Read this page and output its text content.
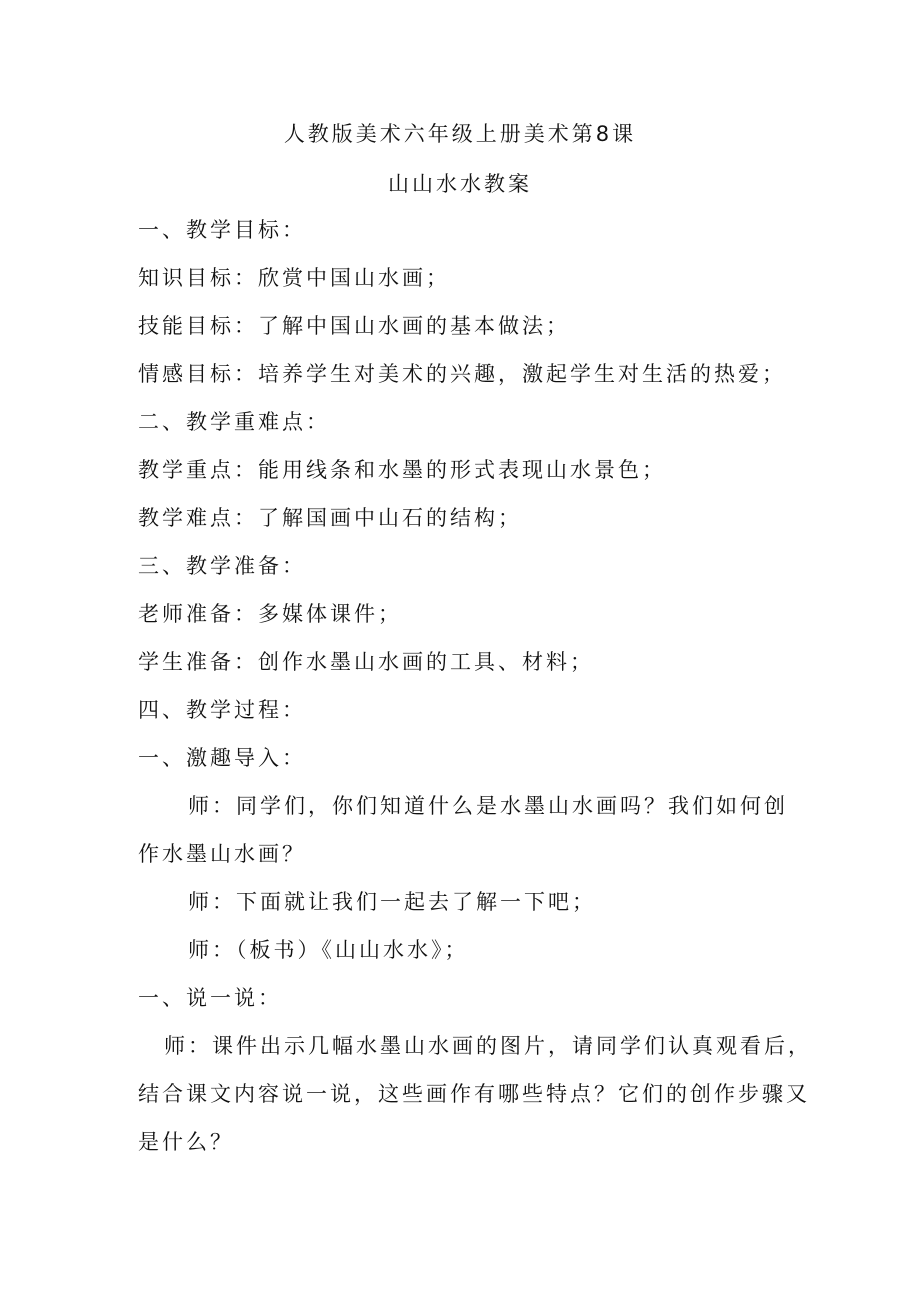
人教版美术六年级上册美术第8课
山山水水教案
一、教学目标：
知识目标：欣赏中国山水画；
技能目标：了解中国山水画的基本做法；
情感目标：培养学生对美术的兴趣，激起学生对生活的热爱；
二、教学重难点：
教学重点：能用线条和水墨的形式表现山水景色；
教学难点：了解国画中山石的结构；
三、教学准备：
老师准备：多媒体课件；
学生准备：创作水墨山水画的工具、材料；
四、教学过程：
一、激趣导入：
师：同学们，你们知道什么是水墨山水画吗？我们如何创
作水墨山水画？
师：下面就让我们一起去了解一下吧；
师：（板书）《山山水水》；
一、说一说：
师：课件出示几幅水墨山水画的图片，请同学们认真观看后，
结合课文内容说一说，这些画作有哪些特点？它们的创作步骤又
是什么？
